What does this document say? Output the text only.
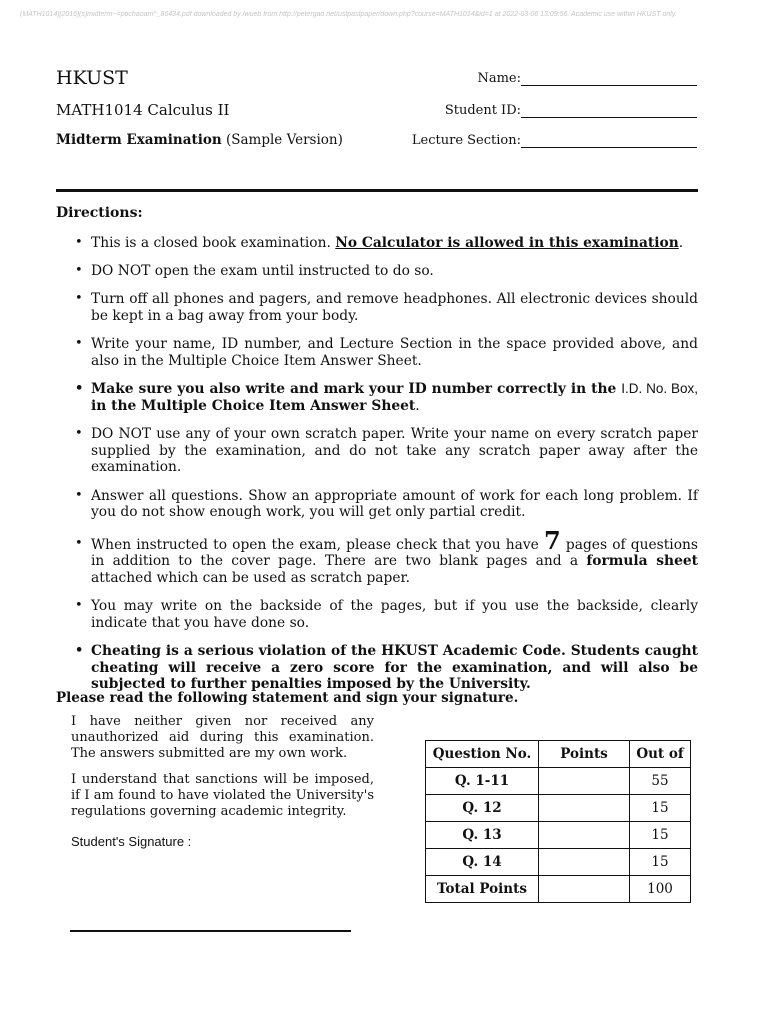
(MATH1014)[2016](s)midterm~=pochaoam^_86434.pdf downloaded by /wueb from http://petergao.net/ustpastpaper/down.php?course=MATH1014&id=1 at 2022-03-06 13:09:56. Academic use within HKUST only.
HKUST
MATH1014 Calculus II
Midterm Examination (Sample Version)
Name:
Student ID:
Lecture Section:
Directions:
• This is a closed book examination. No Calculator is allowed in this examination.
• DO NOT open the exam until instructed to do so.
• Turn off all phones and pagers, and remove headphones. All electronic devices should be kept in a bag away from your body.
• Write your name, ID number, and Lecture Section in the space provided above, and also in the Multiple Choice Item Answer Sheet.
• Make sure you also write and mark your ID number correctly in the I.D. No. Box, in the Multiple Choice Item Answer Sheet.
• DO NOT use any of your own scratch paper. Write your name on every scratch paper supplied by the examination, and do not take any scratch paper away after the examination.
• Answer all questions. Show an appropriate amount of work for each long problem. If you do not show enough work, you will get only partial credit.
• When instructed to open the exam, please check that you have 7 pages of questions in addition to the cover page. There are two blank pages and a formula sheet attached which can be used as scratch paper.
• You may write on the backside of the pages, but if you use the backside, clearly indicate that you have done so.
• Cheating is a serious violation of the HKUST Academic Code. Students caught cheating will receive a zero score for the examination, and will also be subjected to further penalties imposed by the University.
Please read the following statement and sign your signature.
I have neither given nor received any unauthorized aid during this examination. The answers submitted are my own work.
I understand that sanctions will be imposed, if I am found to have violated the University's regulations governing academic integrity.
Student's Signature :
Question No.	Points	Out of
Q. 1-11		55
Q. 12		15
Q. 13		15
Q. 14		15
Total Points		100
